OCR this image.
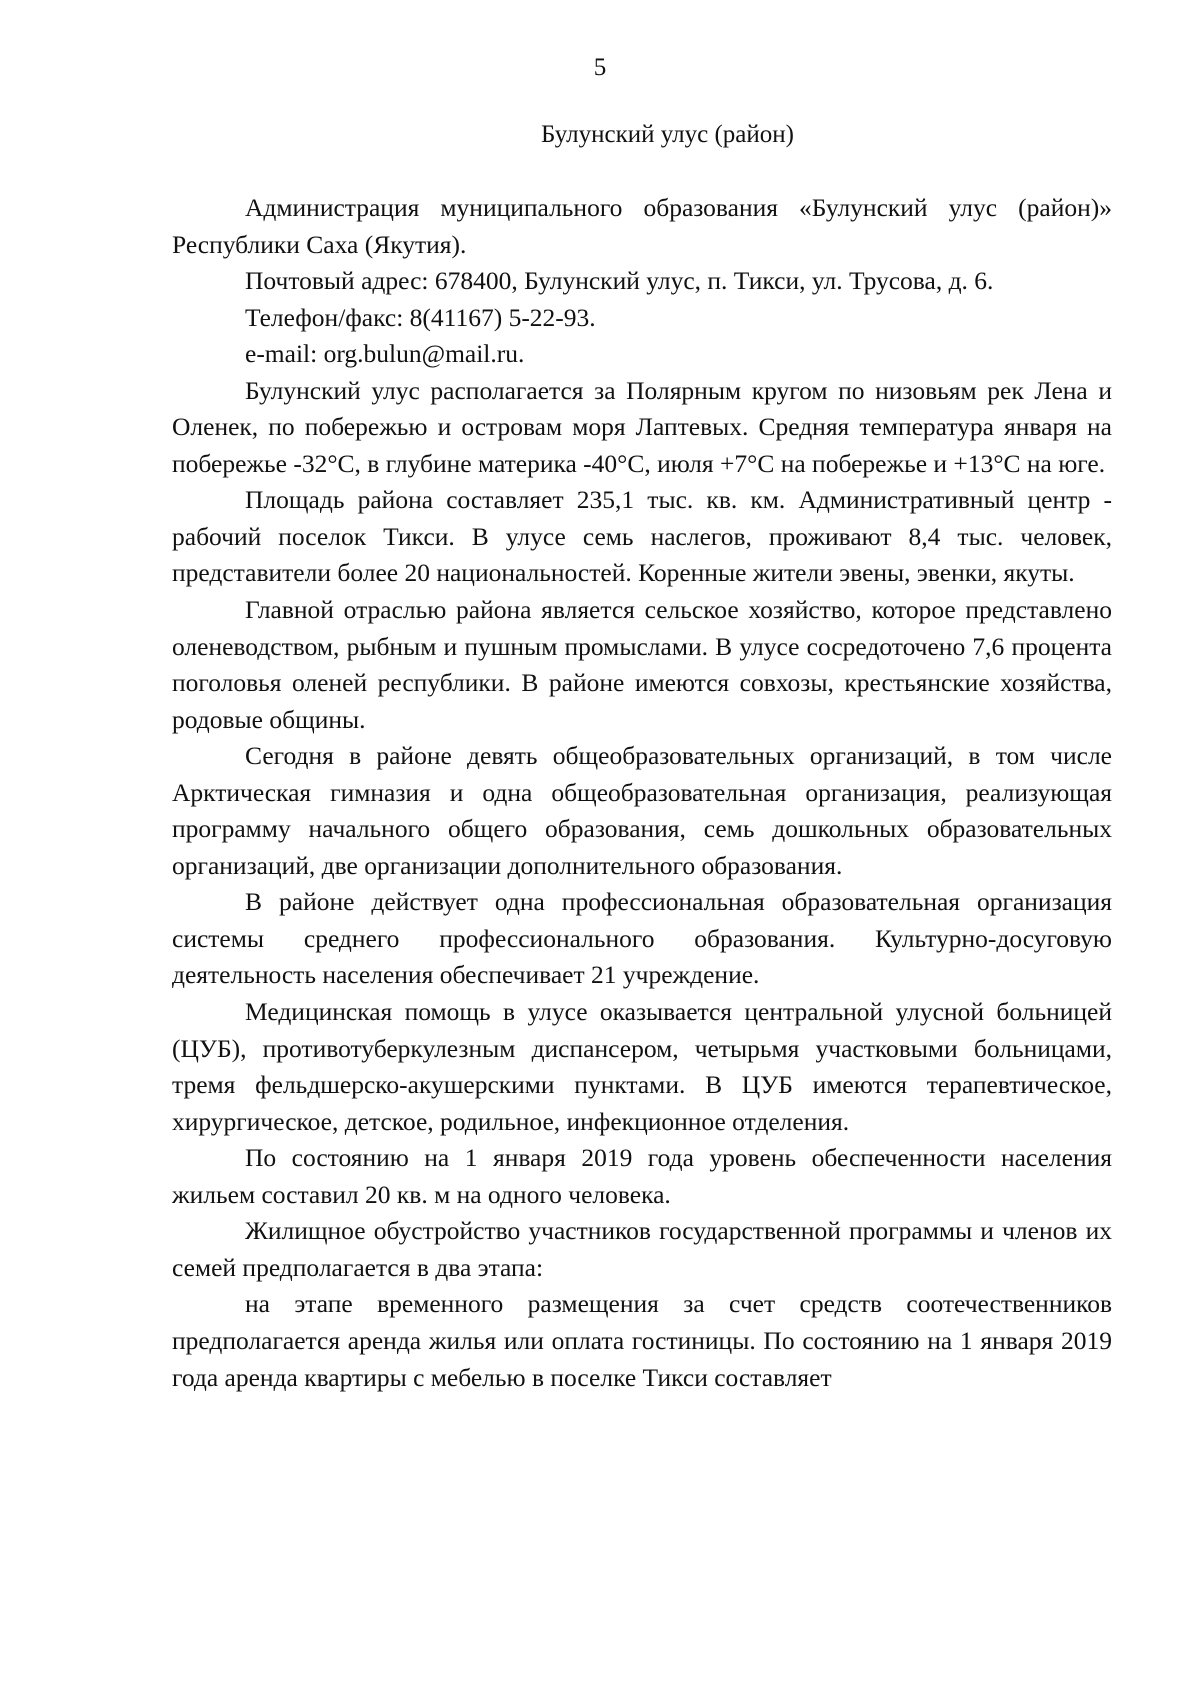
5
Булунский улус (район)

Администрация муниципального образования «Булунский улус (район)» Республики Саха (Якутия).

Почтовый адрес: 678400, Булунский улус, п. Тикси, ул. Трусова, д. 6.

Телефон/факс: 8(41167) 5-22-93.

e-mail: org.bulun@mail.ru.

Булунский улус располагается за Полярным кругом по низовьям рек Лена и Оленек, по побережью и островам моря Лаптевых. Средняя температура января на побережье -32°С, в глубине материка -40°С, июля +7°С на побережье и +13°С на юге.

Площадь района составляет 235,1 тыс. кв. км. Административный центр - рабочий поселок Тикси. В улусе семь наслегов, проживают 8,4 тыс. человек, представители более 20 национальностей. Коренные жители эвены, эвенки, якуты.

Главной отраслью района является сельское хозяйство, которое представлено оленеводством, рыбным и пушным промыслами. В улусе сосредоточено 7,6 процента поголовья оленей республики. В районе имеются совхозы, крестьянские хозяйства, родовые общины.

Сегодня в районе девять общеобразовательных организаций, в том числе Арктическая гимназия и одна общеобразовательная организация, реализующая программу начального общего образования, семь дошкольных образовательных организаций, две организации дополнительного образования.

В районе действует одна профессиональная образовательная организация системы среднего профессионального образования. Культурно-досуговую деятельность населения обеспечивает 21 учреждение.

Медицинская помощь в улусе оказывается центральной улусной больницей (ЦУБ), противотуберкулезным диспансером, четырьмя участковыми больницами, тремя фельдшерско-акушерскими пунктами. В ЦУБ имеются терапевтическое, хирургическое, детское, родильное, инфекционное отделения.

По состоянию на 1 января 2019 года уровень обеспеченности населения жильем составил 20 кв. м на одного человека.

Жилищное обустройство участников государственной программы и членов их семей предполагается в два этапа:

на этапе временного размещения за счет средств соотечественников предполагается аренда жилья или оплата гостиницы. По состоянию на 1 января 2019 года аренда квартиры с мебелью в поселке Тикси составляет
